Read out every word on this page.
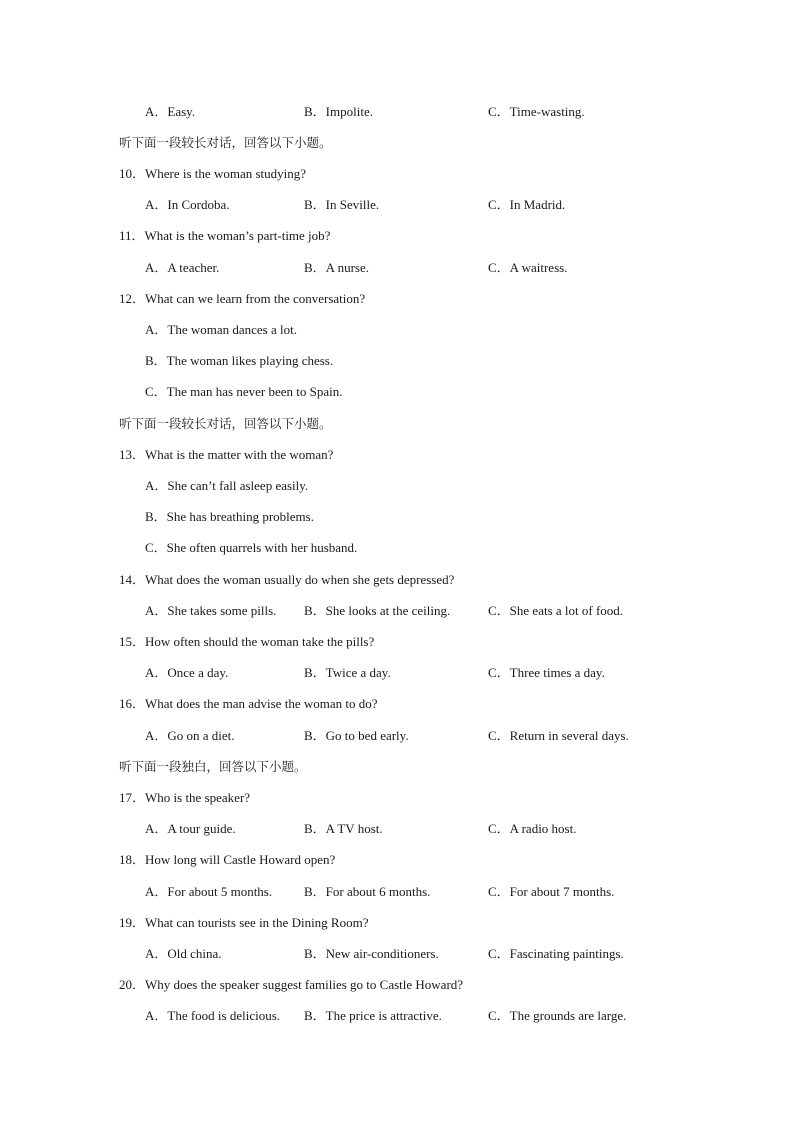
A．Easy.	B．Impolite.	C．Time-wasting.
听下面一段较长对话，回答以下小题。
10．Where is the woman studying?
A．In Cordoba.	B．In Seville.	C．In Madrid.
11．What is the woman’s part-time job?
A．A teacher.	B．A nurse.	C．A waitress.
12．What can we learn from the conversation?
A．The woman dances a lot.
B．The woman likes playing chess.
C．The man has never been to Spain.
听下面一段较长对话，回答以下小题。
13．What is the matter with the woman?
A．She can’t fall asleep easily.
B．She has breathing problems.
C．She often quarrels with her husband.
14．What does the woman usually do when she gets depressed?
A．She takes some pills. B．She looks at the ceiling.	C．She eats a lot of food.
15．How often should the woman take the pills?
A．Once a day.	B．Twice a day.	C．Three times a day.
16．What does the man advise the woman to do?
A．Go on a diet.	B．Go to bed early.	C．Return in several days.
听下面一段独白，回答以下小题。
17．Who is the speaker?
A．A tour guide.	B．A TV host.	C．A radio host.
18．How long will Castle Howard open?
A．For about 5 months. B．For about 6 months.	C．For about 7 months.
19．What can tourists see in the Dining Room?
A．Old china.	B．New air-conditioners.	C．Fascinating paintings.
20．Why does the speaker suggest families go to Castle Howard?
A．The food is delicious. B．The price is attractive.	C．The grounds are large.
